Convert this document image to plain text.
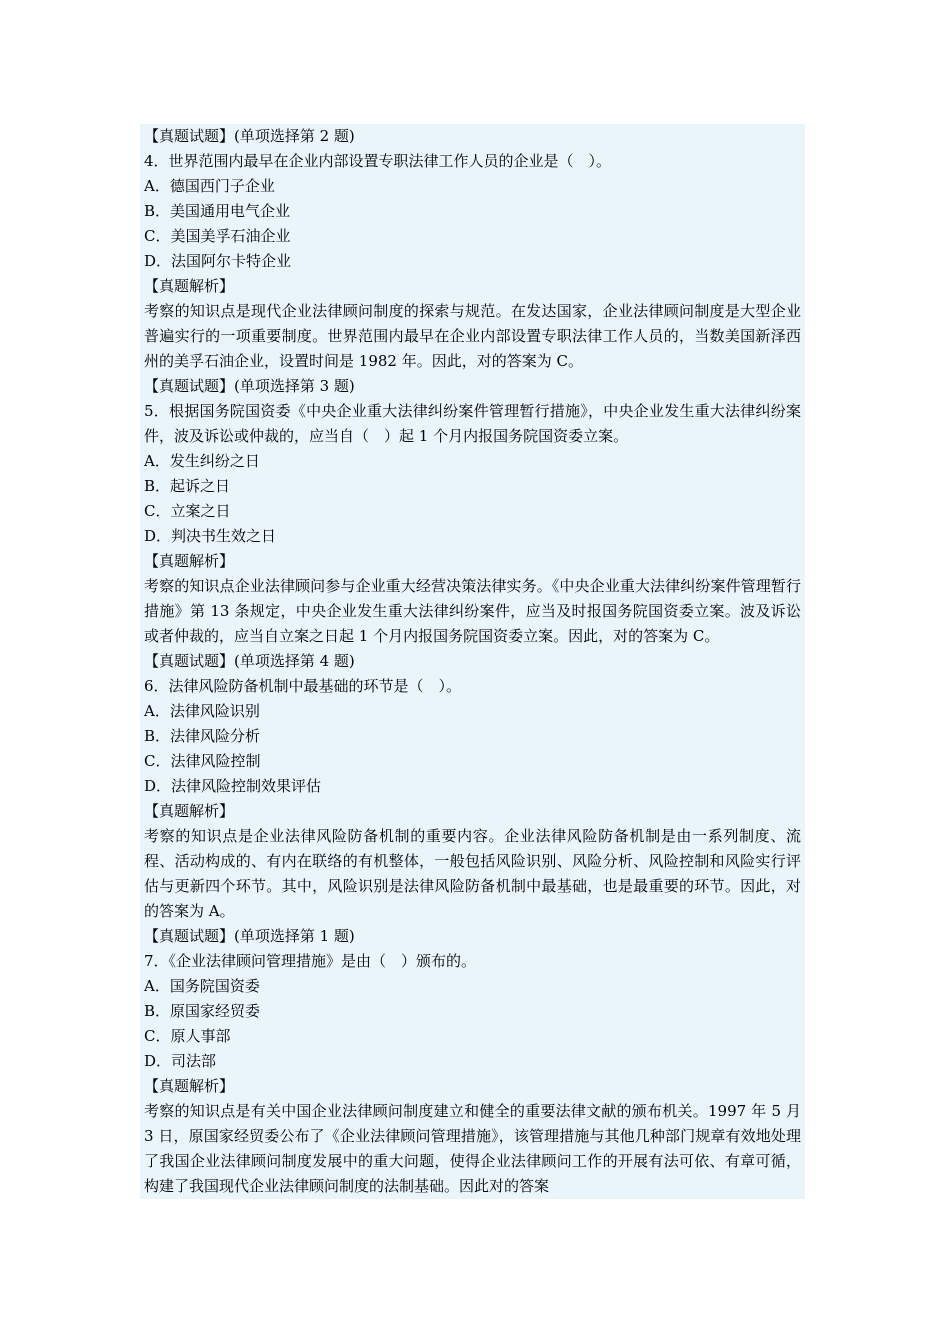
【真题试题】(单项选择第 2 题)
4．世界范围内最早在企业内部设置专职法律工作人员的企业是（　）。
A．德国西门子企业
B．美国通用电气企业
C．美国美孚石油企业
D．法国阿尔卡特企业
【真题解析】
考察的知识点是现代企业法律顾问制度的探索与规范。在发达国家，企业法律顾问制度是大型企业普遍实行的一项重要制度。世界范围内最早在企业内部设置专职法律工作人员的，当数美国新泽西州的美孚石油企业，设置时间是 1982 年。因此，对的答案为 C。
【真题试题】(单项选择第 3 题)
5．根据国务院国资委《中央企业重大法律纠纷案件管理暂行措施》，中央企业发生重大法律纠纷案件，波及诉讼或仲裁的，应当自（　）起 1 个月内报国务院国资委立案。
A．发生纠纷之日
B．起诉之日
C．立案之日
D．判决书生效之日
【真题解析】
考察的知识点企业法律顾问参与企业重大经营决策法律实务。《中央企业重大法律纠纷案件管理暂行措施》第 13 条规定，中央企业发生重大法律纠纷案件，应当及时报国务院国资委立案。波及诉讼或者仲裁的，应当自立案之日起 1 个月内报国务院国资委立案。因此，对的答案为 C。
【真题试题】(单项选择第 4 题)
6．法律风险防备机制中最基础的环节是（　）。
A．法律风险识别
B．法律风险分析
C．法律风险控制
D．法律风险控制效果评估
【真题解析】
考察的知识点是企业法律风险防备机制的重要内容。企业法律风险防备机制是由一系列制度、流程、活动构成的、有内在联络的有机整体，一般包括风险识别、风险分析、风险控制和风险实行评估与更新四个环节。其中，风险识别是法律风险防备机制中最基础，也是最重要的环节。因此，对的答案为 A。
【真题试题】(单项选择第 1 题)
7．《企业法律顾问管理措施》是由（　）颁布的。
A．国务院国资委
B．原国家经贸委
C．原人事部
D．司法部
【真题解析】
考察的知识点是有关中国企业法律顾问制度建立和健全的重要法律文献的颁布机关。1997 年 5 月 3 日，原国家经贸委公布了《企业法律顾问管理措施》，该管理措施与其他几种部门规章有效地处理了我国企业法律顾问制度发展中的重大问题，使得企业法律顾问工作的开展有法可依、有章可循，构建了我国现代企业法律顾问制度的法制基础。因此对的答案
